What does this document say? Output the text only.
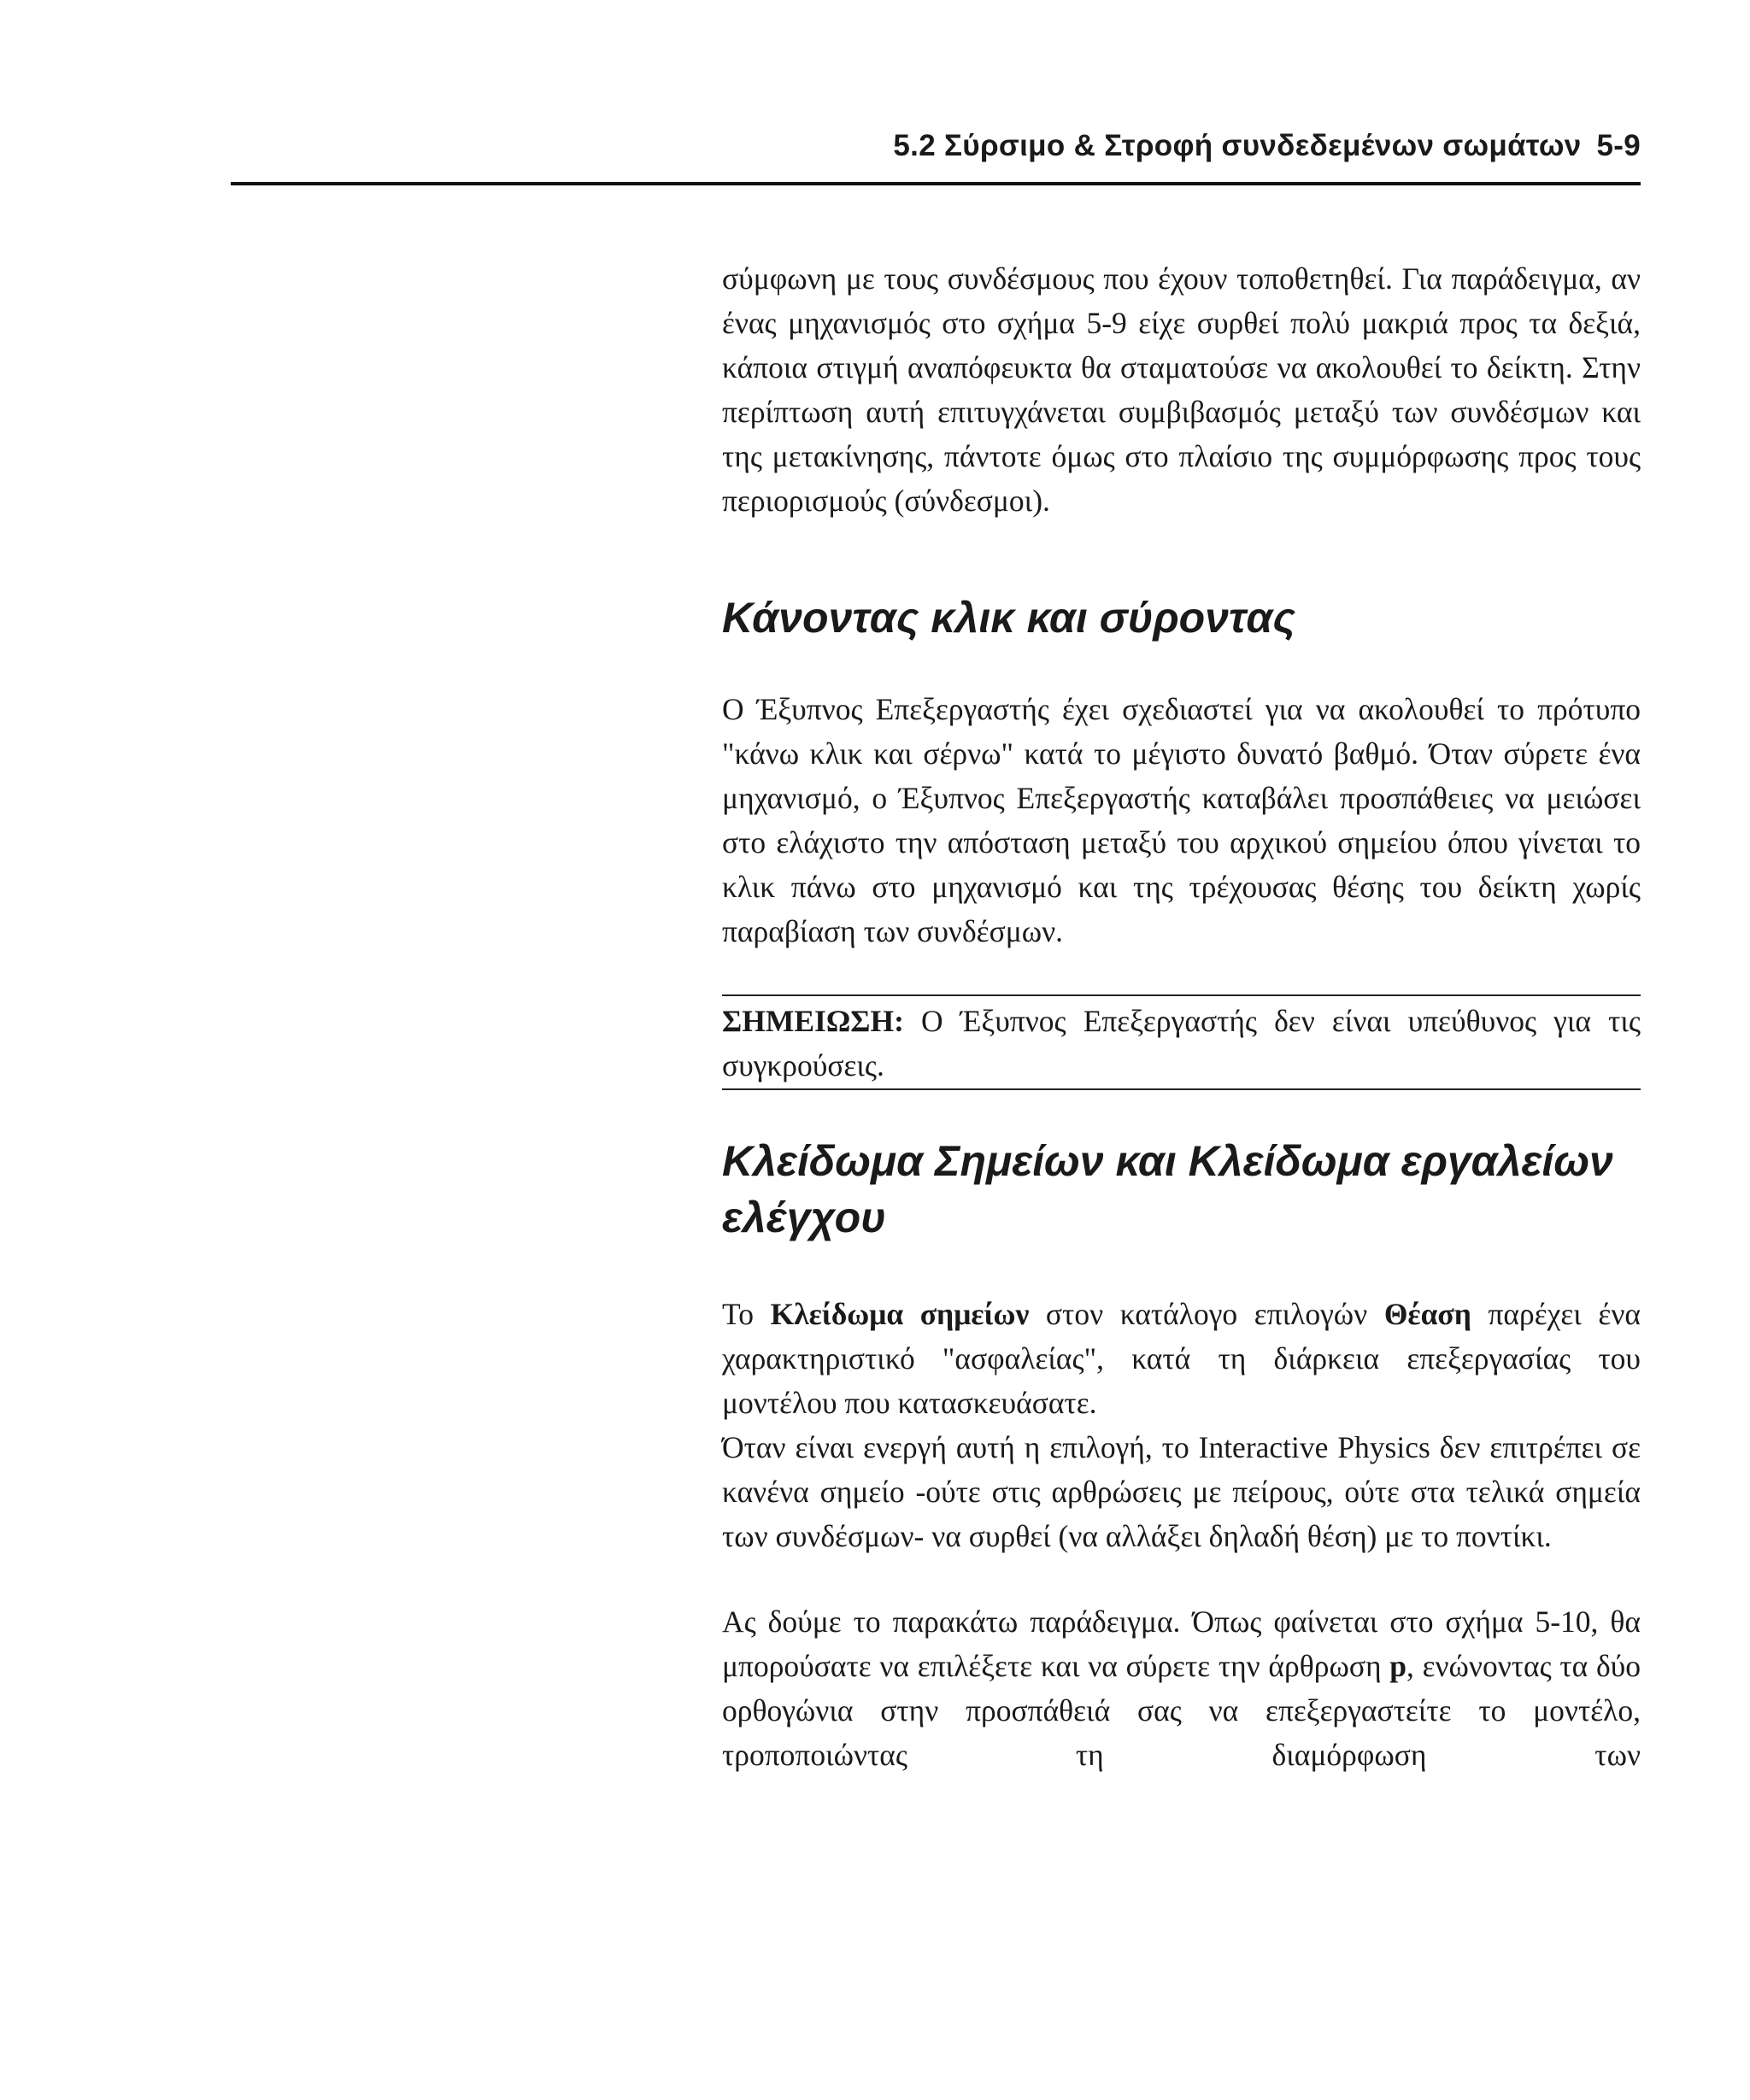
5.2 Σύρσιμο & Στροφή συνδεδεμένων σωμάτων 5-9

σύμφωνη με τους συνδέσμους που έχουν τοποθετηθεί. Για παράδειγμα, αν ένας μηχανισμός στο σχήμα 5-9 είχε συρθεί πολύ μακριά προς τα δεξιά, κάποια στιγμή αναπόφευκτα θα σταματούσε να ακολουθεί το δείκτη. Στην περίπτωση αυτή επιτυγχάνεται συμβιβασμός μεταξύ των συνδέσμων και της μετακίνησης, πάντοτε όμως στο πλαίσιο της συμμόρφωσης προς τους περιορισμούς (σύνδεσμοι).

Κάνοντας κλικ και σύροντας

Ο Έξυπνος Επεξεργαστής έχει σχεδιαστεί για να ακολουθεί το πρότυπο "κάνω κλικ και σέρνω" κατά το μέγιστο δυνατό βαθμό. Όταν σύρετε ένα μηχανισμό, ο Έξυπνος Επεξεργαστής καταβάλει προσπάθειες να μειώσει στο ελάχιστο την απόσταση μεταξύ του αρχικού σημείου όπου γίνεται το κλικ πάνω στο μηχανισμό και της τρέχουσας θέσης του δείκτη χωρίς παραβίαση των συνδέσμων.

ΣΗΜΕΙΩΣΗ: Ο Έξυπνος Επεξεργαστής δεν είναι υπεύθυνος για τις συγκρούσεις.

Κλείδωμα Σημείων και Κλείδωμα εργαλείων ελέγχου

Το Κλείδωμα σημείων στον κατάλογο επιλογών Θέαση παρέχει ένα χαρακτηριστικό "ασφαλείας", κατά τη διάρκεια επεξεργασίας του μοντέλου που κατασκευάσατε.

Όταν είναι ενεργή αυτή η επιλογή, το Interactive Physics δεν επιτρέπει σε κανένα σημείο -ούτε στις αρθρώσεις με πείρους, ούτε στα τελικά σημεία των συνδέσμων- να συρθεί (να αλλάξει δηλαδή θέση) με το ποντίκι.

Ας δούμε το παρακάτω παράδειγμα. Όπως φαίνεται στο σχήμα 5-10, θα μπορούσατε να επιλέξετε και να σύρετε την άρθρωση p, ενώνοντας τα δύο ορθογώνια στην προσπάθειά σας να επεξεργαστείτε το μοντέλο, τροποποιώντας τη διαμόρφωση των
